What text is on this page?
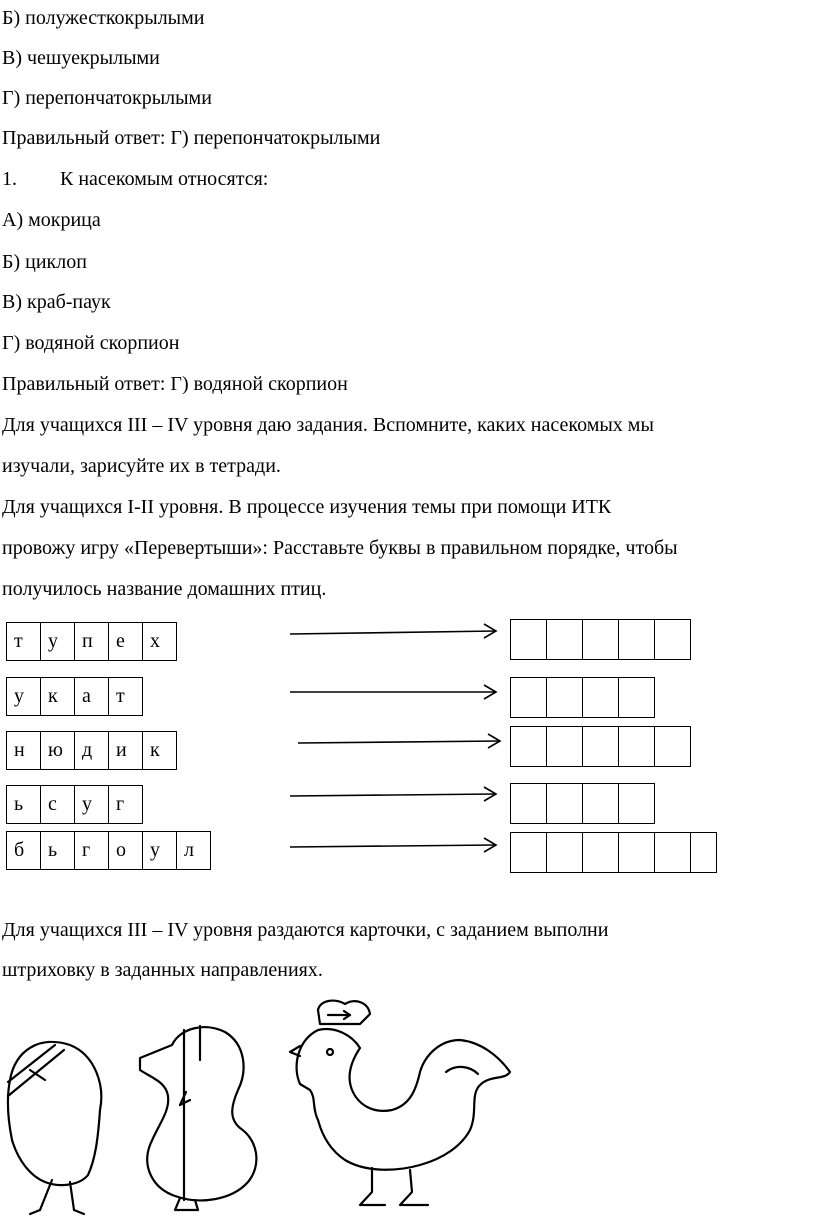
Б) полужесткокрылыми
В) чешуекрылыми
Г) перепончатокрылыми
Правильный ответ: Г) перепончатокрылыми
1. К насекомым относятся:
А) мокрица
Б) циклоп
В) краб-паук
Г) водяной скорпион
Правильный ответ: Г) водяной скорпион
Для учащихся III – IV уровня даю задания. Вспомните, каких насекомых мы
изучали, зарисуйте их в тетради.
Для учащихся I-II уровня. В процессе изучения темы при помощи ИТК
провожу игру «Перевертыши»: Расставьте буквы в правильном порядке, чтобы
получилось название домашних птиц.
т	у	п	е	х
у	к	а	т
н	ю	д	и	к
ь	с	у	г
б	ь	г	о	у	л

Для учащихся III – IV уровня раздаются карточки, с заданием выполни
штриховку в заданных направлениях.
